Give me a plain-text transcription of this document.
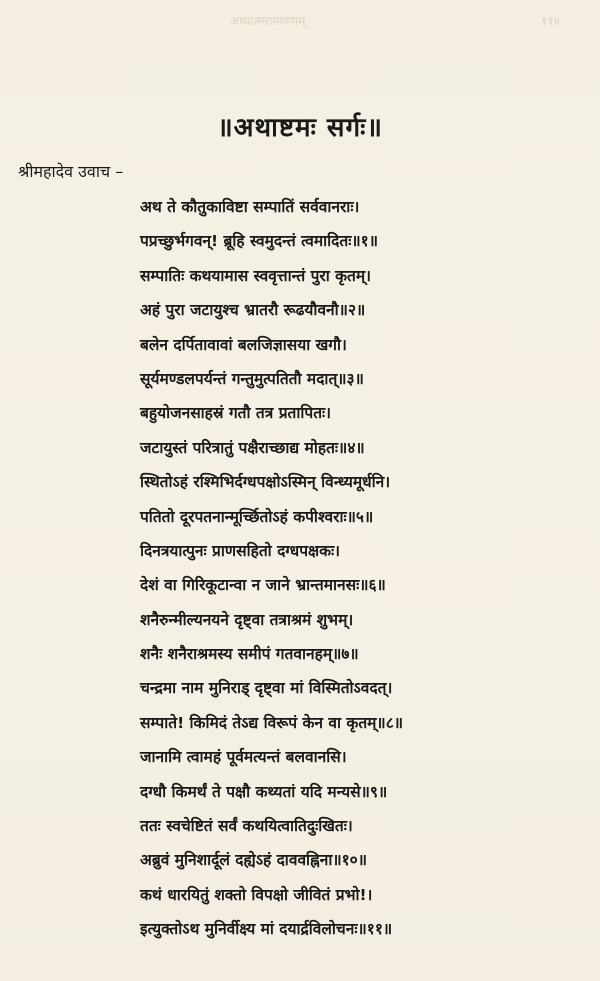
अध्यात्मरामायणम्	११४
॥अथाष्टमः सर्गः॥
श्रीमहादेव उवाच –
अथ ते कौतुकाविष्टा सम्पातिं सर्ववानराः।
पप्रच्छुर्भगवन्! ब्रूहि स्वमुदन्तं त्वमादितः॥१॥
सम्पातिः कथयामास स्ववृत्तान्तं पुरा कृतम्।
अहं पुरा जटायुश्च भ्रातरौ रूढयौवनौ॥२॥
बलेन दर्पितावावां बलजिज्ञासया खगौ।
सूर्यमण्डलपर्यन्तं गन्तुमुत्पतितौ मदात्॥३॥
बहुयोजनसाहस्रं गतौ तत्र प्रतापितः।
जटायुस्तं परित्रातुं पक्षैराच्छाद्य मोहतः॥४॥
स्थितोऽहं रश्मिभिर्दग्धपक्षोऽस्मिन् विन्ध्यमूर्धनि।
पतितो दूरपतनान्मूर्च्छितोऽहं कपीश्वराः॥५॥
दिनत्रयात्पुनः प्राणसहितो दग्धपक्षकः।
देशं वा गिरिकूटान्वा न जाने भ्रान्तमानसः॥६॥
शनैरुन्मील्यनयने दृष्ट्वा तत्राश्रमं शुभम्।
शनैः शनैराश्रमस्य समीपं गतवानहम्॥७॥
चन्द्रमा नाम मुनिराड् दृष्ट्वा मां विस्मितोऽवदत्।
सम्पाते! किमिदं तेऽद्य विरूपं केन वा कृतम्॥८॥
जानामि त्वामहं पूर्वमत्यन्तं बलवानसि।
दग्धौ किमर्थं ते पक्षौ कथ्यतां यदि मन्यसे॥९॥
ततः स्वचेष्टितं सर्वं कथयित्वातिदुःखितः।
अब्रुवं मुनिशार्दूलं दह्येऽहं दाववह्निना॥१०॥
कथं धारयितुं शक्तो विपक्षो जीवितं प्रभो!।
इत्युक्तोऽथ मुनिर्वीक्ष्य मां दयार्द्रविलोचनः॥११॥
